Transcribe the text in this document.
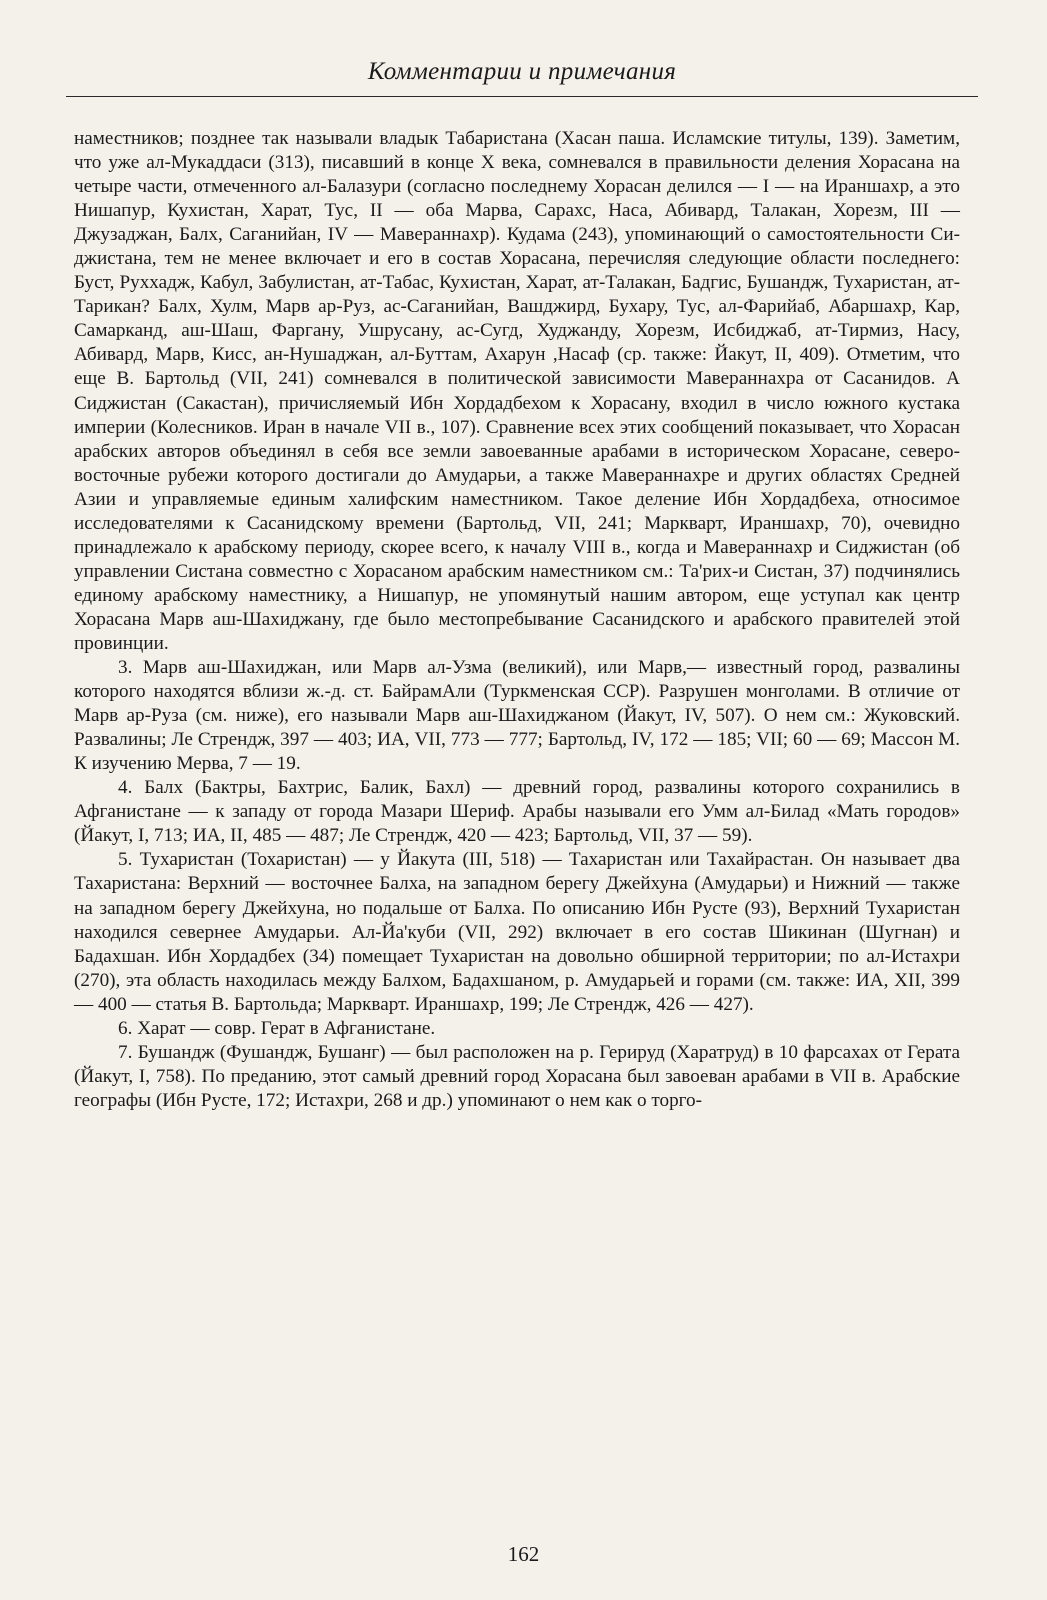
Комментарии и примечания

наместников; позднее так называли владык Табаристана (Хасан паша. Исламские титулы, 139). Заметим, что уже ал-Мукаддаси (313), писавший в конце X века, сомневался в правильности деления Хорасана на четыре части, отмеченного ал-Балазури (согласно последнему Хорасан делился — I — на Ираншахр, а это Нишапур, Кухистан, Харат, Тус, II — оба Марва, Сарахс, Наса, Абивард, Талакан, Хорезм, III — Джузаджан, Балх, Саганийан, IV — Мавераннахр). Кудама (243), упоминающий о самостоятельности Сиджистана, тем не менее включает и его в состав Хорасана, перечисляя следующие области последнего: Буст, Руххадж, Кабул, Забулистан, ат-Табас, Кухистан, Харат, ат-Талакан, Бадгис, Бушандж, Тухаристан, ат-Тарикан? Балх, Хулм, Марв ар-Руз, ас-Саганийан, Вашджирд, Бухару, Тус, ал-Фарийаб, Абаршахр, Кар, Самарканд, аш-Шаш, Фаргану, Ушрусану, ас-Сугд, Худжанду, Хорезм, Исбиджаб, ат-Тирмиз, Насу, Абивард, Марв, Кисс, ан-Нушаджан, ал-Буттам, Ахарун ,Насаф (ср. также: Йакут, II, 409). Отметим, что еще В. Бартольд (VII, 241) сомневался в политической зависимости Мавераннахра от Сасанидов. А Сиджистан (Сакастан), причисляемый Ибн Хордадбехом к Хорасану, входил в число южного кустака империи (Колесников. Иран в начале VII в., 107). Сравнение всех этих сообщений показывает, что Хорасан арабских авторов объединял в себя все земли завоеванные арабами в историческом Хорасане, северо-восточные рубежи которого достигали до Амударьи, а также Мавераннахре и других областях Средней Азии и управляемые единым халифским наместником. Такое деление Ибн Хордадбеха, относимое исследователями к Сасанидскому времени (Бартольд, VII, 241; Маркварт, Ираншахр, 70), очевидно принадлежало к арабскому периоду, скорее всего, к началу VIII в., когда и Мавераннахр и Сиджистан (об управлении Систана совместно с Хорасаном арабским наместником см.: Та'рих-и Систан, 37) подчинялись единому арабскому наместнику, а Нишапур, не упомянутый нашим автором, еще уступал как центр Хорасана Марв аш-Шахиджану, где было местопребывание Сасанидского и арабского правителей этой провинции.

3. Марв аш-Шахиджан, или Марв ал-Узма (великий), или Марв,— известный город, развалины которого находятся вблизи ж.-д. ст. БайрамАли (Туркменская ССР). Разрушен монголами. В отличие от Марв ар-Руза (см. ниже), его называли Марв аш-Шахиджаном (Йакут, IV, 507). О нем см.: Жуковский. Развалины; Ле Стрендж, 397 — 403; ИА, VII, 773 — 777; Бартольд, IV, 172 — 185; VII; 60 — 69; Массон М. К изучению Мерва, 7 — 19.

4. Балх (Бактры, Бахтрис, Балик, Бахл) — древний город, развалины которого сохранились в Афганистане — к западу от города Мазари Шериф. Арабы называли его Умм ал-Билад «Мать городов» (Йакут, I, 713; ИА, II, 485 — 487; Ле Стрендж, 420 — 423; Бартольд, VII, 37 — 59).

5. Тухаристан (Тохаристан) — у Йакута (III, 518) — Тахаристан или Тахайрастан. Он называет два Тахаристана: Верхний — восточнее Балха, на западном берегу Джейхуна (Амударьи) и Нижний — также на западном берегу Джейхуна, но подальше от Балха. По описанию Ибн Русте (93), Верхний Тухаристан находился севернее Амударьи. Ал-Йа'куби (VII, 292) включает в его состав Шикинан (Шугнан) и Бадахшан. Ибн Хордадбех (34) помещает Тухаристан на довольно обширной территории; по ал-Истахри (270), эта область находилась между Балхом, Бадахшаном, р. Амударьей и горами (см. также: ИА, XII, 399 — 400 — статья В. Бартольда; Маркварт. Ираншахр, 199; Ле Стрендж, 426 — 427).

6. Харат — совр. Герат в Афганистане.

7. Бушандж (Фушандж, Бушанг) — был расположен на р. Герируд (Харатруд) в 10 фарсахах от Герата (Йакут, I, 758). По преданию, этот самый древний город Хорасана был завоеван арабами в VII в. Арабские географы (Ибн Русте, 172; Истахри, 268 и др.) упоминают о нем как о торго-

162
